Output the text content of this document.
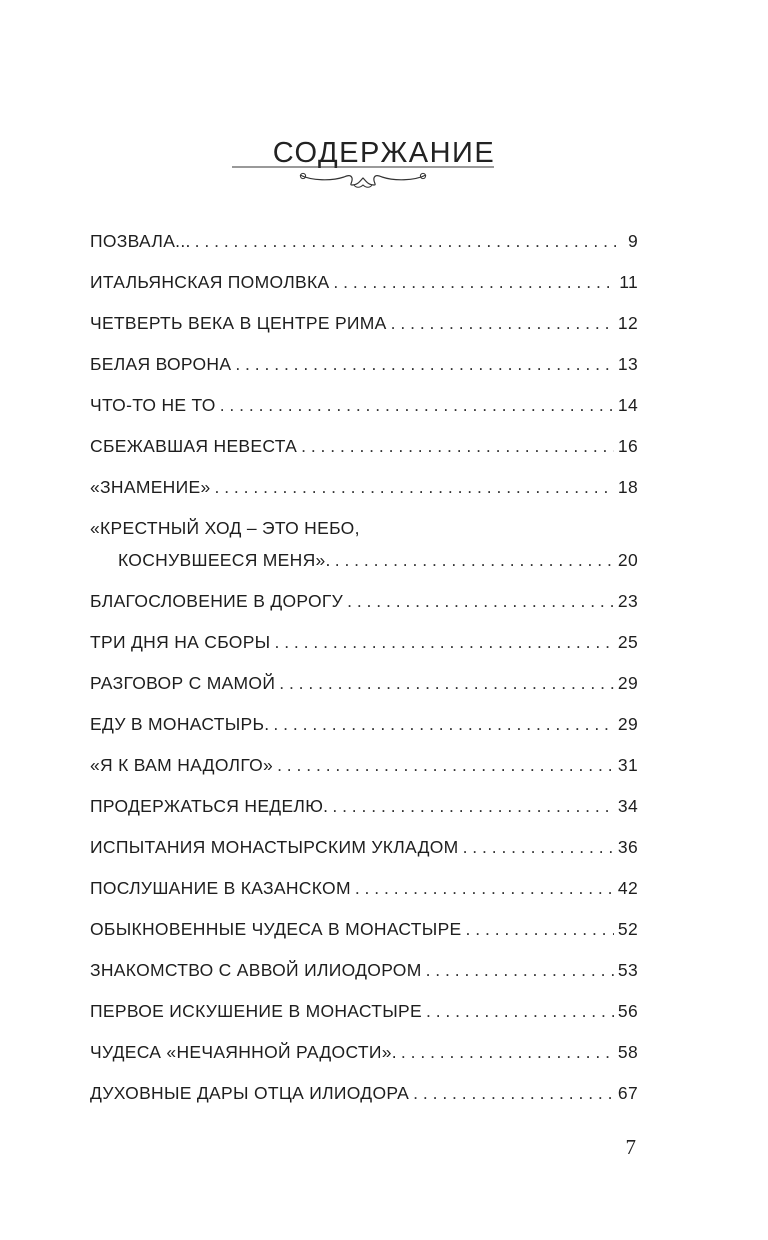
СОДЕРЖАНИЕ
ПОЗВАЛА... . . .	9
ИТАЛЬЯНСКАЯ ПОМОЛВКА . . .	11
ЧЕТВЕРТЬ ВЕКА В ЦЕНТРЕ РИМА . . .	12
БЕЛАЯ ВОРОНА . . .	13
ЧТО-ТО НЕ ТО . . .	14
СБЕЖАВШАЯ НЕВЕСТА . . .	16
«ЗНАМЕНИЕ» . . .	18
«КРЕСТНЫЙ ХОД – ЭТО НЕБО,
КОСНУВШЕЕСЯ МЕНЯ». . . .	20
БЛАГОСЛОВЕНИЕ В ДОРОГУ . . .	23
ТРИ ДНЯ НА СБОРЫ . . .	25
РАЗГОВОР С МАМОЙ . . .	29
ЕДУ В МОНАСТЫРЬ. . . .	29
«Я К ВАМ НАДОЛГО» . . .	31
ПРОДЕРЖАТЬСЯ НЕДЕЛЮ. . . .	34
ИСПЫТАНИЯ МОНАСТЫРСКИМ УКЛАДОМ . . .	36
ПОСЛУШАНИЕ В КАЗАНСКОМ . . .	42
ОБЫКНОВЕННЫЕ ЧУДЕСА В МОНАСТЫРЕ . . .	52
ЗНАКОМСТВО С АВВОЙ ИЛИОДОРОМ . . .	53
ПЕРВОЕ ИСКУШЕНИЕ В МОНАСТЫРЕ . . .	56
ЧУДЕСА «НЕЧАЯННОЙ РАДОСТИ». . . .	58
ДУХОВНЫЕ ДАРЫ ОТЦА ИЛИОДОРА . . .	67
7
